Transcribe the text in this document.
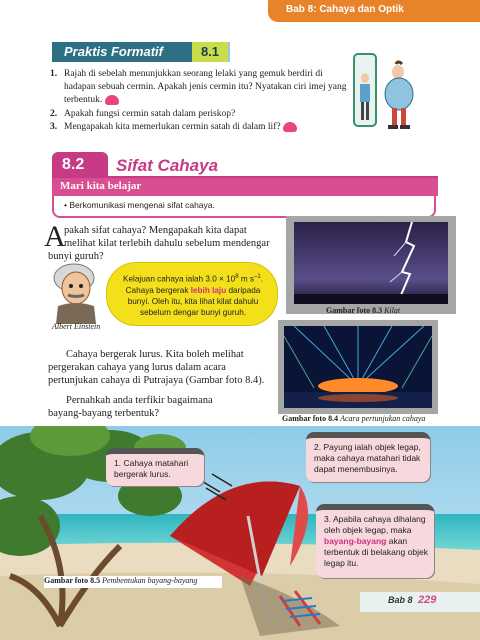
Bab 8: Cahaya dan Optik
Praktis Formatif	8.1
1. Rajah di sebelah menunjukkan seorang lelaki yang gemuk berdiri di hadapan sebuah cermin. Apakah jenis cermin itu? Nyatakan ciri imej yang terbentuk.
2. Apakah fungsi cermin satah dalam periskop?
3. Mengapakah kita memerlukan cermin satah di dalam lif?
8.2 Sifat Cahaya
Mari kita belajar
• Berkomunikasi mengenai sifat cahaya.
A
pakah sifat cahaya? Mengapakah kita dapat
melihat kilat terlebih dahulu sebelum mendengar
bunyi guruh?
Albert Einstein
Kelajuan cahaya ialah $3.0 \times 10^8$ m $s^{-1}$. Cahaya bergerak lebih laju daripada bunyi. Oleh itu, kita lihat kilat dahulu sebelum dengar bunyi guruh.	Gambar foto 8.3 Kilat
Gambar foto 8.4 Acara pertunjukan cahaya
Cahaya bergerak lurus. Kita boleh melihat
pergerakan cahaya yang lurus dalam acara
pertunjukan cahaya di Putrajaya (Gambar foto 8.4).
Pernahkah anda terfikir bagaimana
bayang-bayang terbentuk?
1. Cahaya matahari bergerak lurus.
2. Payung ialah objek legap, maka cahaya matahari tidak dapat menembusinya.
3. Apabila cahaya dihalang oleh objek legap, maka bayang-bayang akan terbentuk di belakang objek legap itu.
Gambar foto 8.5 Pembentukan bayang-bayang
Bab 8 229
